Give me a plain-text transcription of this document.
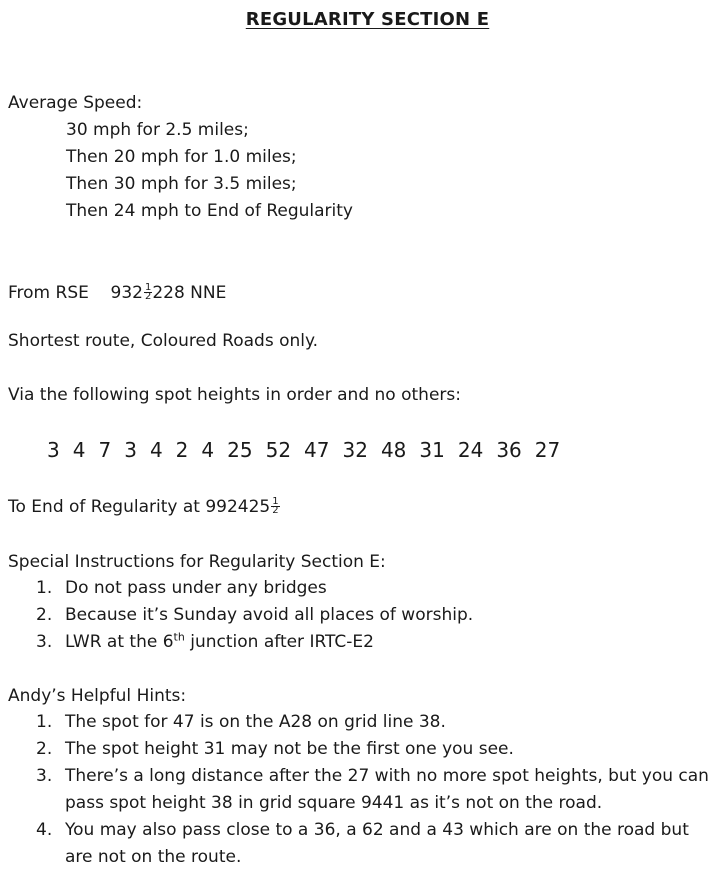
REGULARITY SECTION E
Average Speed:
30 mph for 2.5 miles;
Then 20 mph for 1.0 miles;
Then 30 mph for 3.5 miles;
Then 24 mph to End of Regularity
From RSE $932 \frac{1}{2} 228$ NNE
Shortest route, Coloured Roads only.
Via the following spot heights in order and no others:
3 4 7 3 4 2 4 25 52 47 32 48 31 24 36 27
To End of Regularity at $992425 \frac{1}{2}$
Special Instructions for Regularity Section E:
1. Do not pass under any bridges
2. Because it’s Sunday avoid all places of worship.
3. LWR at the 6th junction after IRTC-E2
Andy’s Helpful Hints:
1. The spot for 47 is on the A28 on grid line 38.
2. The spot height 31 may not be the first one you see.
3. There’s a long distance after the 27 with no more spot heights, but you can pass spot height 38 in grid square 9441 as it’s not on the road.
4. You may also pass close to a 36, a 62 and a 43 which are on the road but are not on the route.
